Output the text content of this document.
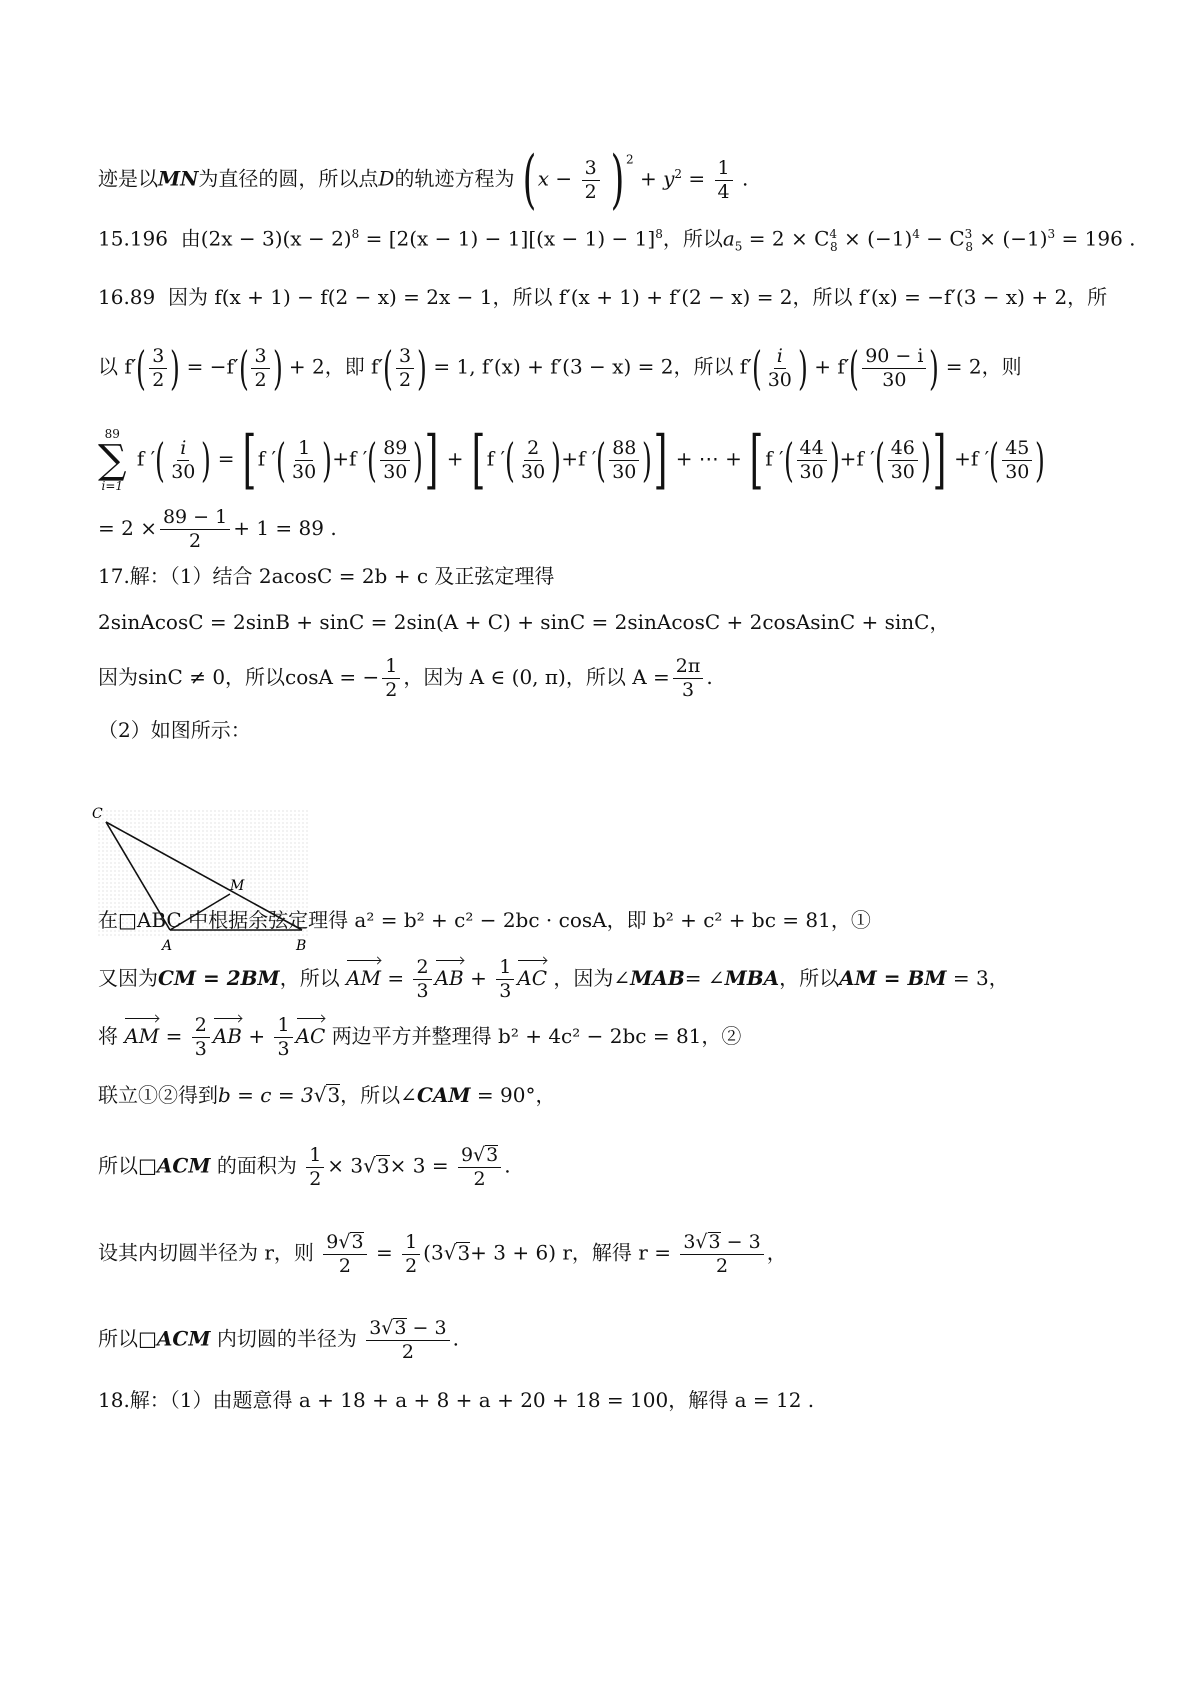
迹是以MN为直径的圆，所以点D的轨迹方程为 ($x - \frac{3}{2}$ ) $^2 + y^2 = \frac{1}{4}$ .
15.196 由$(2x - 3)(x - 2)^8 = [2(x - 1) - 1][(x - 1) - 1]^8$，所以$a_5 = 2 \times C^4_8 \times (-1)^4 - C^3_8 \times (-1)^3 = 196$ .
16.89 因为 f(x + 1) − f(2 − x) = 2x − 1，所以 f′(x + 1) + f′(2 − x) = 2，所以 f′(x) = −f′(3 − x) + 2，所
以 $f'( \frac{3}{2}$ ) = $-f'( \frac{3}{2}$ ) + 2，即 $f'( \frac{3}{2}$ ) = 1, f′(x) + f′(3 − x) = 2，所以 $f'( \frac{i}{30}$ ) + $f'( \frac{90 - i}{30}$ ) = 2，则
89
∑
i=1
f ′( $\frac{i}{30}$ ) = [f ′( $\frac{1}{30} )+f$ ′( $\frac{89}{30}$ )] + [f ′( $\frac{2}{30} )+f$ ′( $\frac{88}{30}$ )] + ⋯ + [f ′( $\frac{44}{30} )+f$ ′( $\frac{46}{30}$ )] +f ′( $\frac{45}{30}$ )
= $2 \times \frac{89 - 1}{2} + 1 = 89$ .
17.解：（1）结合 2acosC = 2b + c 及正弦定理得
2sinAcosC = 2sinB + sinC = 2sin(A + C) + sinC = 2sinAcosC + 2cosAsinC + sinC，
因为sinC ≠ 0，所以cosA = − $\frac{1}{2}$ ，因为 A ∈ (0, π)，所以 $A = \frac{2\pi}{3}$ .
（2）如图所示：
C
M
A	B
在□ABC 中根据余弦定理得 a² = b² + c² − 2bc · cosA，即 b² + c² + bc = 81，①
又因为CM = 2BM，所以 AM = $\frac{2}{3}$ AB + $\frac{1}{3}$ AC ，因为∠MAB= ∠MBA，所以AM = BM = 3，
将 AM = $\frac{2}{3}$ AB + $\frac{1}{3}$ AC 两边平方并整理得 b² + 4c² − 2bc = 81，②
联立①②得到b = c = 3√3，所以∠CAM = 90°，
所以□ACM 的面积为 $\frac{1}{2} \times 3√3\times 3 = \frac{9√3}{2}$ .
设其内切圆半径为 r，则 $\frac{9√3}{2} = \frac{1}{2} (3√3+ 3 + 6)$ r，解得 $r = \frac{3√3 - 3}{2}$ ，
所以□ACM 内切圆的半径为 $\frac{3√3 - 3}{2}$ .
18.解：（1）由题意得 a + 18 + a + 8 + a + 20 + 18 = 100，解得 a = 12 .
